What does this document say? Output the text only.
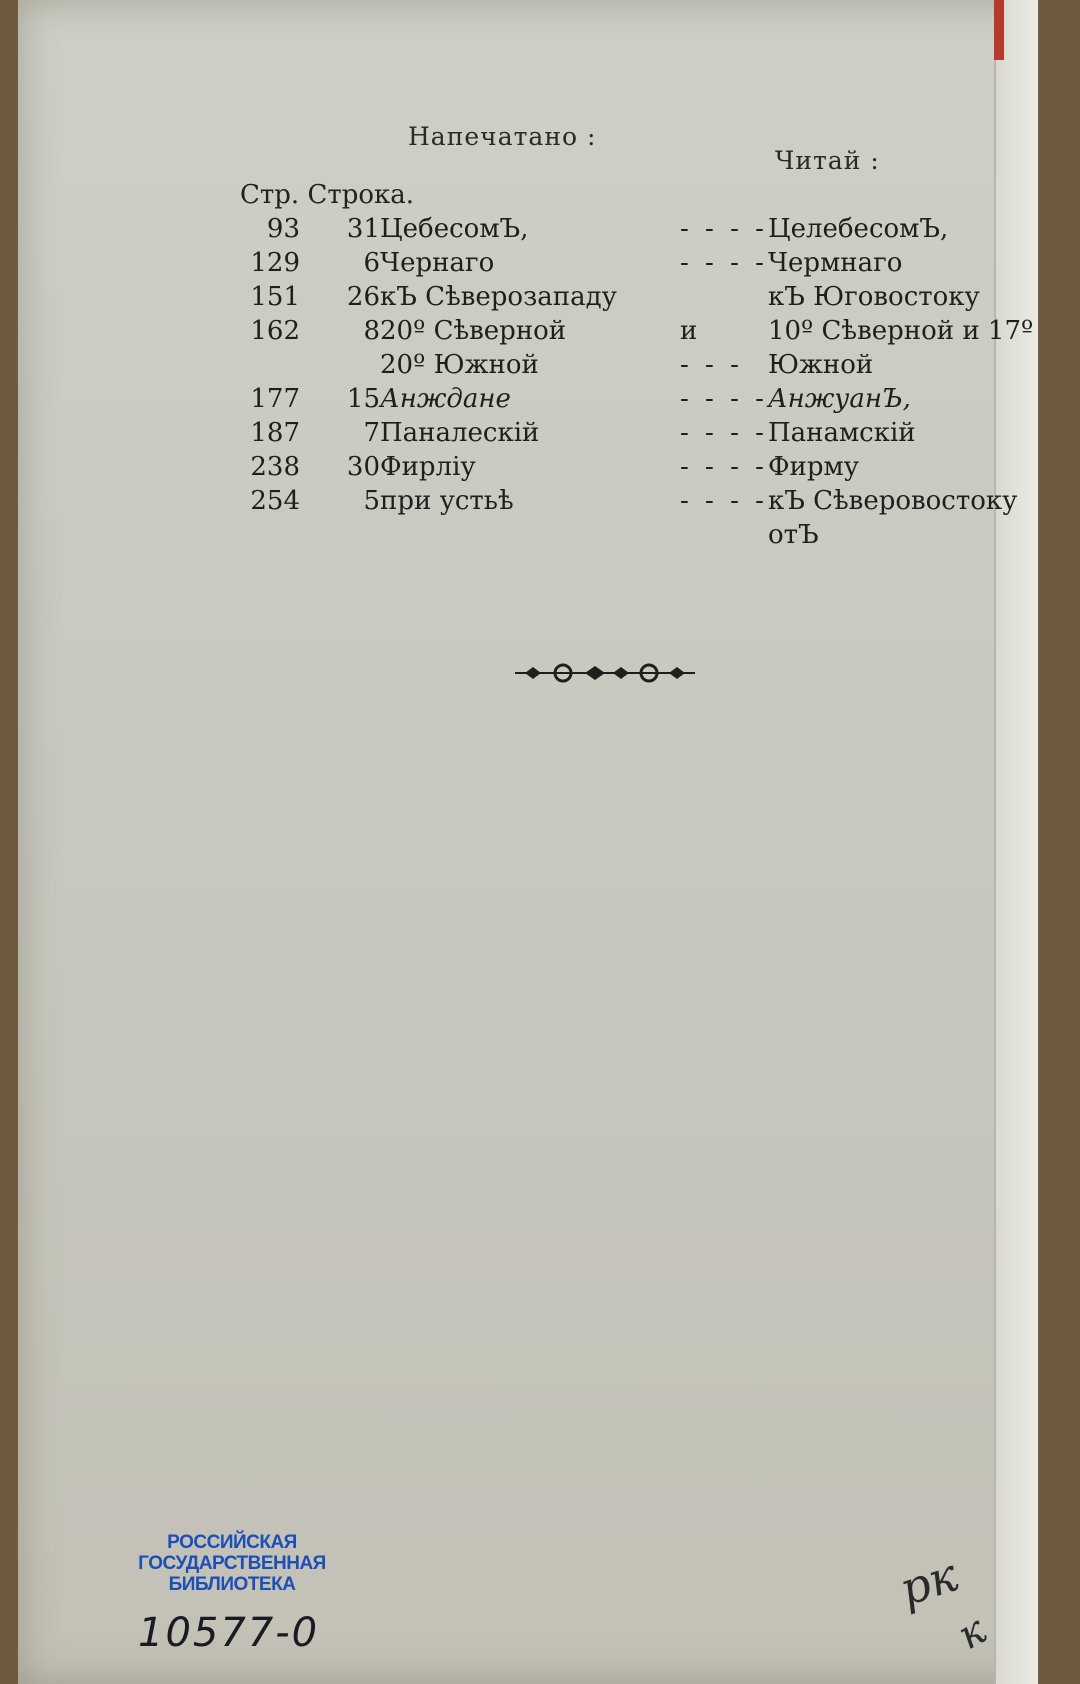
Напечатано :
Читай :
Стр. Строка.
93	31	ЦебесомЪ,	- - - -	ЦелебесомЪ,
129	6	Чернаго	- - - -	Чермнаго
151	26	кЪ Сѣверозападу		кЪ Юговостоку
162	8	20º Сѣверной	и	10º Сѣверной и 17º
		20º Южной	- - -	Южной
177	15	Анждане	- - - -	АнжуанЪ,
187	7	Паналескій	- - - -	Панамскій
238	30	Фирліу	- - - -	Фирму
254	5	при устьѣ	- - - -	кЪ Сѣверовостоку
				отЪ
РОССИЙСКАЯ
ГОСУДАРСТВЕННАЯ
БИБЛИОТЕКА
10577-0
рк
к
